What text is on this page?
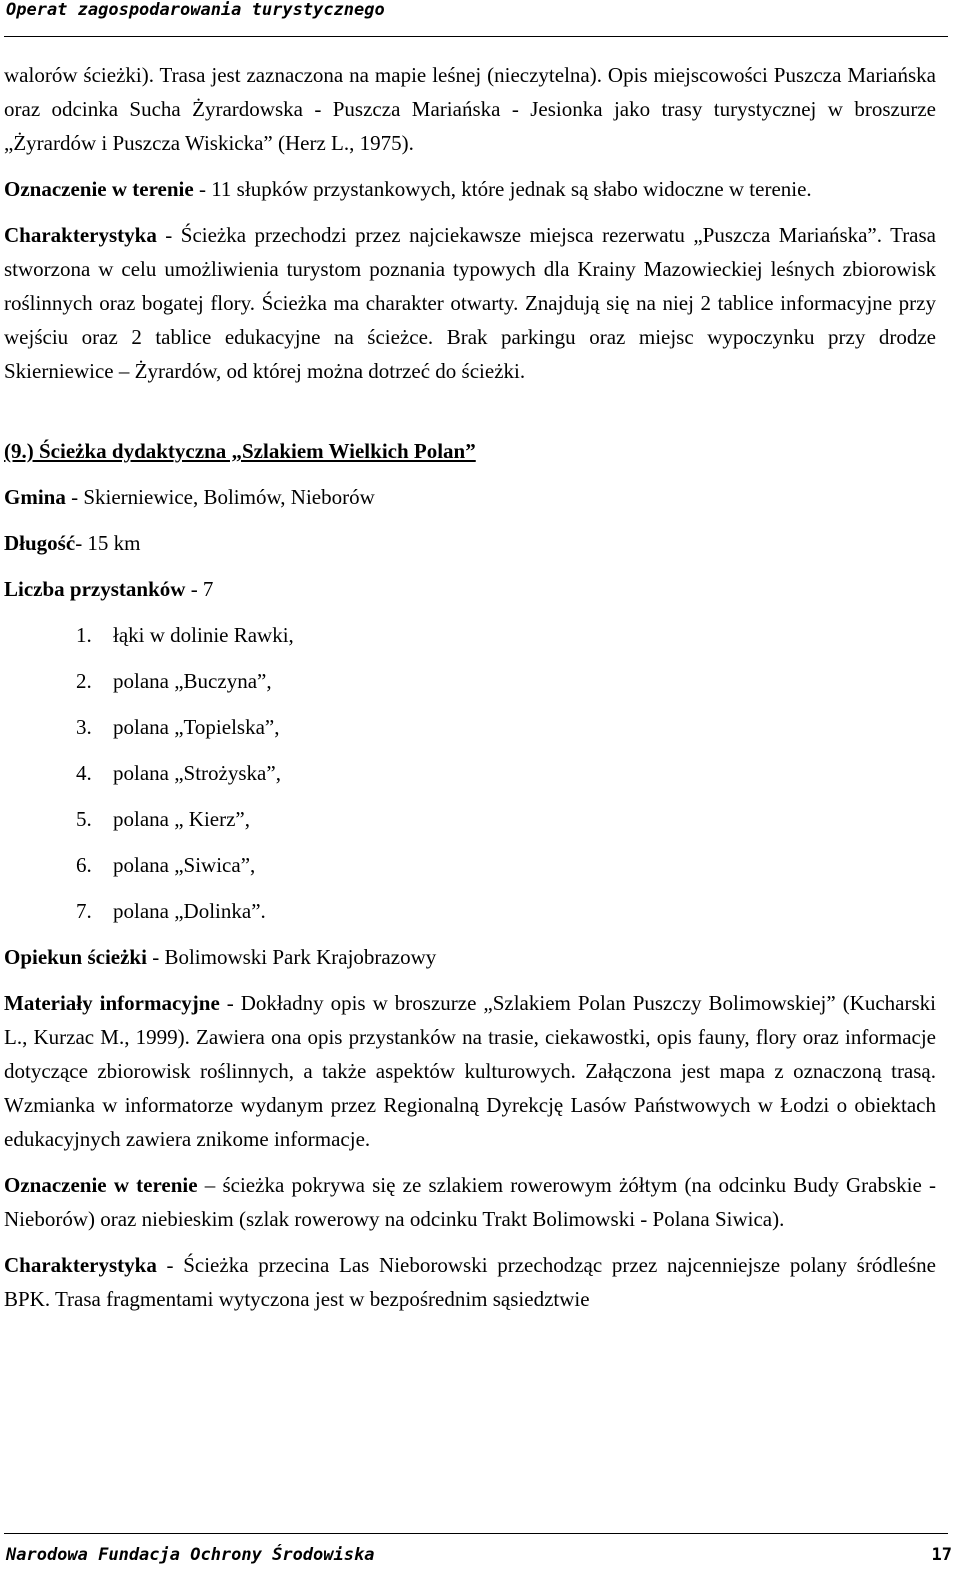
Operat zagospodarowania turystycznego

walorów ścieżki). Trasa jest zaznaczona na mapie leśnej (nieczytelna). Opis miejscowości Puszcza Mariańska oraz odcinka Sucha Żyrardowska - Puszcza Mariańska - Jesionka jako trasy turystycznej w broszurze „Żyrardów i Puszcza Wiskicka” (Herz L., 1975).

Oznaczenie w terenie - 11 słupków przystankowych, które jednak są słabo widoczne w terenie.

Charakterystyka - Ścieżka przechodzi przez najciekawsze miejsca rezerwatu „Puszcza Mariańska”. Trasa stworzona w celu umożliwienia turystom poznania typowych dla Krainy Mazowieckiej leśnych zbiorowisk roślinnych oraz bogatej flory. Ścieżka ma charakter otwarty. Znajdują się na niej 2 tablice informacyjne przy wejściu oraz 2 tablice edukacyjne na ścieżce. Brak parkingu oraz miejsc wypoczynku przy drodze Skierniewice – Żyrardów, od której można dotrzeć do ścieżki.

(9.) Ścieżka dydaktyczna „Szlakiem Wielkich Polan”

Gmina - Skierniewice, Bolimów, Nieborów

Długość- 15 km

Liczba przystanków - 7

1. łąki w dolinie Rawki,
2. polana „Buczyna”,
3. polana „Topielska”,
4. polana „Strożyska”,
5. polana „ Kierz”,
6. polana „Siwica”,
7. polana „Dolinka”.

Opiekun ścieżki - Bolimowski Park Krajobrazowy

Materiały informacyjne - Dokładny opis w broszurze „Szlakiem Polan Puszczy Bolimowskiej” (Kucharski L., Kurzac M., 1999). Zawiera ona opis przystanków na trasie, ciekawostki, opis fauny, flory oraz informacje dotyczące zbiorowisk roślinnych, a także aspektów kulturowych. Załączona jest mapa z oznaczoną trasą. Wzmianka w informatorze wydanym przez Regionalną Dyrekcję Lasów Państwowych w Łodzi o obiektach edukacyjnych zawiera znikome informacje.

Oznaczenie w terenie – ścieżka pokrywa się ze szlakiem rowerowym żółtym (na odcinku Budy Grabskie - Nieborów) oraz niebieskim (szlak rowerowy na odcinku Trakt Bolimowski - Polana Siwica).

Charakterystyka - Ścieżka przecina Las Nieborowski przechodząc przez najcenniejsze polany śródleśne BPK. Trasa fragmentami wytyczona jest w bezpośrednim sąsiedztwie

Narodowa Fundacja Ochrony Środowiska	17
